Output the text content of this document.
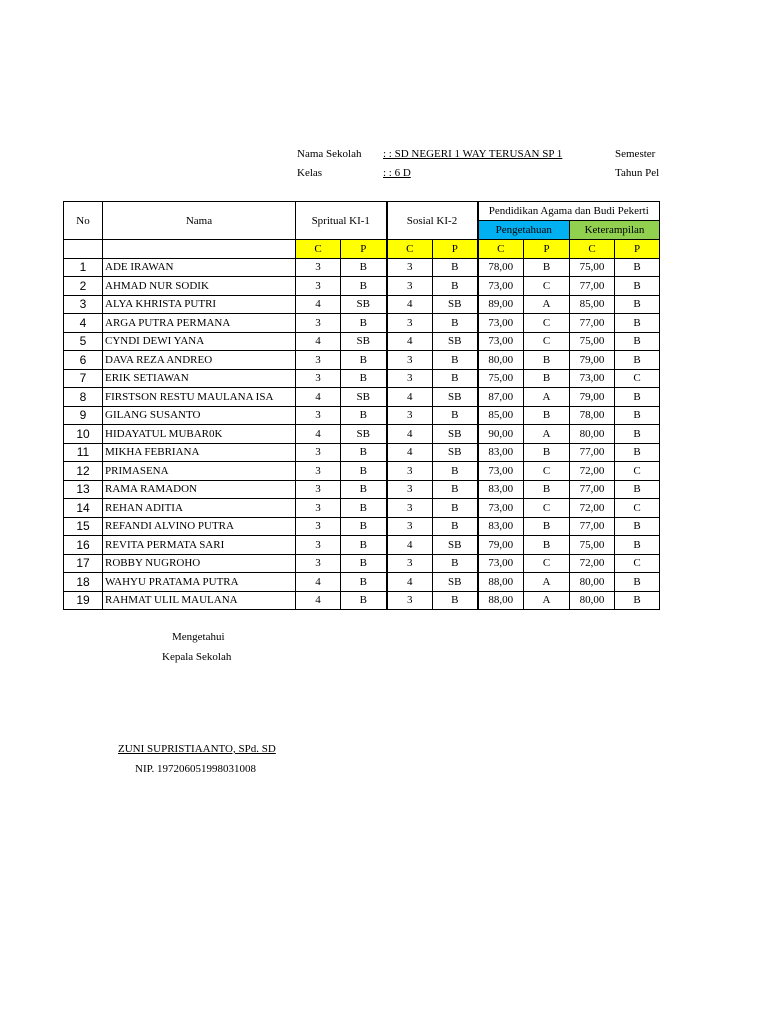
Nama Sekolah : : SD NEGERI 1 WAY TERUSAN SP 1	Semester
Kelas	: : 6 D	Tahun Pel
No	Nama	Spritual KI-1		Sosial KI-2		Pendidikan Agama dan Budi Pekerti			
						Pengetahuan		Keterampilan	
		C	P	C	P	C	P	C	P
1	ADE IRAWAN	3	B	3	B	78,00	B	75,00	B
2	AHMAD NUR SODIK	3	B	3	B	73,00	C	77,00	B
3	ALYA KHRISTA PUTRI	4	SB	4	SB	89,00	A	85,00	B
4	ARGA PUTRA PERMANA	3	B	3	B	73,00	C	77,00	B
5	CYNDI DEWI YANA	4	SB	4	SB	73,00	C	75,00	B
6	DAVA REZA ANDREO	3	B	3	B	80,00	B	79,00	B
7	ERIK SETIAWAN	3	B	3	B	75,00	B	73,00	C
8	FIRSTSON RESTU MAULANA ISA	4	SB	4	SB	87,00	A	79,00	B
9	GILANG SUSANTO	3	B	3	B	85,00	B	78,00	B
10	HIDAYATUL MUBAR0K	4	SB	4	SB	90,00	A	80,00	B
11	MIKHA FEBRIANA	3	B	4	SB	83,00	B	77,00	B
12	PRIMASENA	3	B	3	B	73,00	C	72,00	C
13	RAMA RAMADON	3	B	3	B	83,00	B	77,00	B
14	REHAN ADITIA	3	B	3	B	73,00	C	72,00	C
15	REFANDI ALVINO PUTRA	3	B	3	B	83,00	B	77,00	B
16	REVITA PERMATA SARI	3	B	4	SB	79,00	B	75,00	B
17	ROBBY NUGROHO	3	B	3	B	73,00	C	72,00	C
18	WAHYU PRATAMA PUTRA	4	B	4	SB	88,00	A	80,00	B
19	RAHMAT ULIL MAULANA	4	B	3	B	88,00	A	80,00	B
Mengetahui
Kepala Sekolah
ZUNI SUPRISTIAANTO, SPd. SD
NIP. 197206051998031008
